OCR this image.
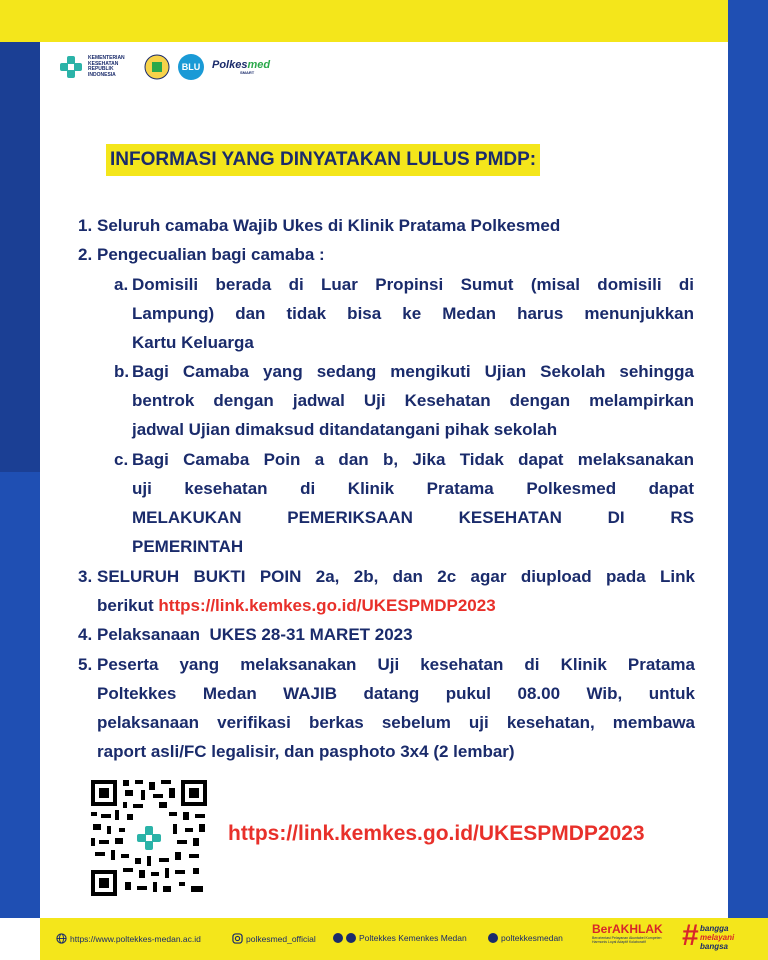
KEMENTERIAN KESEHATAN REPUBLIK INDONESIA
BLU	Polkesmed
SMART
INFORMASI YANG DINYATAKAN LULUS PMDP:
1. Seluruh camaba Wajib Ukes di Klinik Pratama Polkesmed
2. Pengecualian bagi camaba :
a. Domisili berada di Luar Propinsi Sumut (misal domisili di
Lampung) dan tidak bisa ke Medan harus menunjukkan
Kartu Keluarga
b. Bagi Camaba yang sedang mengikuti Ujian Sekolah sehingga
bentrok dengan jadwal Uji Kesehatan dengan melampirkan
jadwal Ujian dimaksud ditandatangani pihak sekolah
c. Bagi Camaba Poin a dan b, Jika Tidak dapat melaksanakan
uji kesehatan di Klinik Pratama Polkesmed dapat
MELAKUKAN PEMERIKSAAN KESEHATAN DI RS
PEMERINTAH
3. SELURUH BUKTI POIN 2a, 2b, dan 2c agar diupload pada Link
berikut https://link.kemkes.go.id/UKESPMDP2023
4. Pelaksanaan  UKES 28-31 MARET 2023
5. Peserta yang melaksanakan Uji kesehatan di Klinik Pratama
Poltekkes Medan WAJIB datang pukul 08.00 Wib, untuk
pelaksanaan verifikasi berkas sebelum uji kesehatan, membawa
raport asli/FC legalisir, dan pasphoto 3x4 (2 lembar)
https://link.kemkes.go.id/UKESPMDP2023
https://www.poltekkes-medan.ac.id	polkesmed_official	Poltekkes Kemenkes Medan	poltekkesmedan
BerAKHLAK
Berorientasi Pelayanan Akuntabel Kompeten Harmonis Loyal Adaptif Kolaboratif	# bangga
melayani
bangsa
